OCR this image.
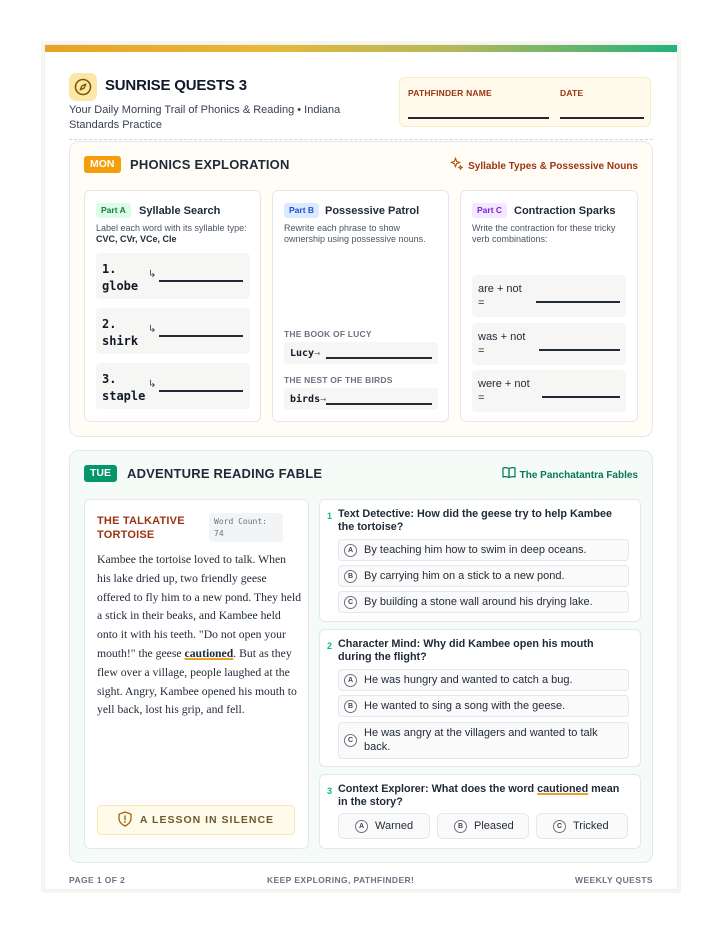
SUNRISE QUESTS 3
Your Daily Morning Trail of Phonics & Reading • Indiana Standards Practice
PATHFINDER NAME	DATE
MON	PHONICS EXPLORATION	Syllable Types & Possessive Nouns
Part A	Syllable Search
Label each word with its syllable type: CVC, CVr, VCe, Cle
1.
globe
↳
2.
shirk
↳
3.
staple
↳
Part B Possessive Patrol
Rewrite each phrase to show ownership using possessive nouns.
THE BOOK OF LUCY
Lucy→
THE NEST OF THE BIRDS
birds→
Part C	Contraction Sparks
Write the contraction for these tricky verb combinations:
are + not
=
was + not
=
were + not
=
TUE	ADVENTURE READING FABLE	The Panchatantra Fables
THE TALKATIVE TORTOISE
Word Count:
74
Kambee the tortoise loved to talk. When his lake dried up, two friendly geese offered to fly him to a new pond. They held a stick in their beaks, and Kambee held onto it with his teeth. "Do not open your mouth!" the geese cautioned. But as they flew over a village, people laughed at the sight. Angry, Kambee opened his mouth to yell back, lost his grip, and fell.
A LESSON IN SILENCE
1 Text Detective: How did the geese try to help Kambee the tortoise?
A By teaching him how to swim in deep oceans.
B By carrying him on a stick to a new pond.
C By building a stone wall around his drying lake.
2 Character Mind: Why did Kambee open his mouth during the flight?
A He was hungry and wanted to catch a bug.
B He wanted to sing a song with the geese.
C
He was angry at the villagers and wanted to talk back.
3 Context Explorer: What does the word cautioned mean in the story?
A Warned	B Pleased	C Tricked
PAGE 1 OF 2	KEEP EXPLORING, PATHFINDER!	WEEKLY QUESTS
